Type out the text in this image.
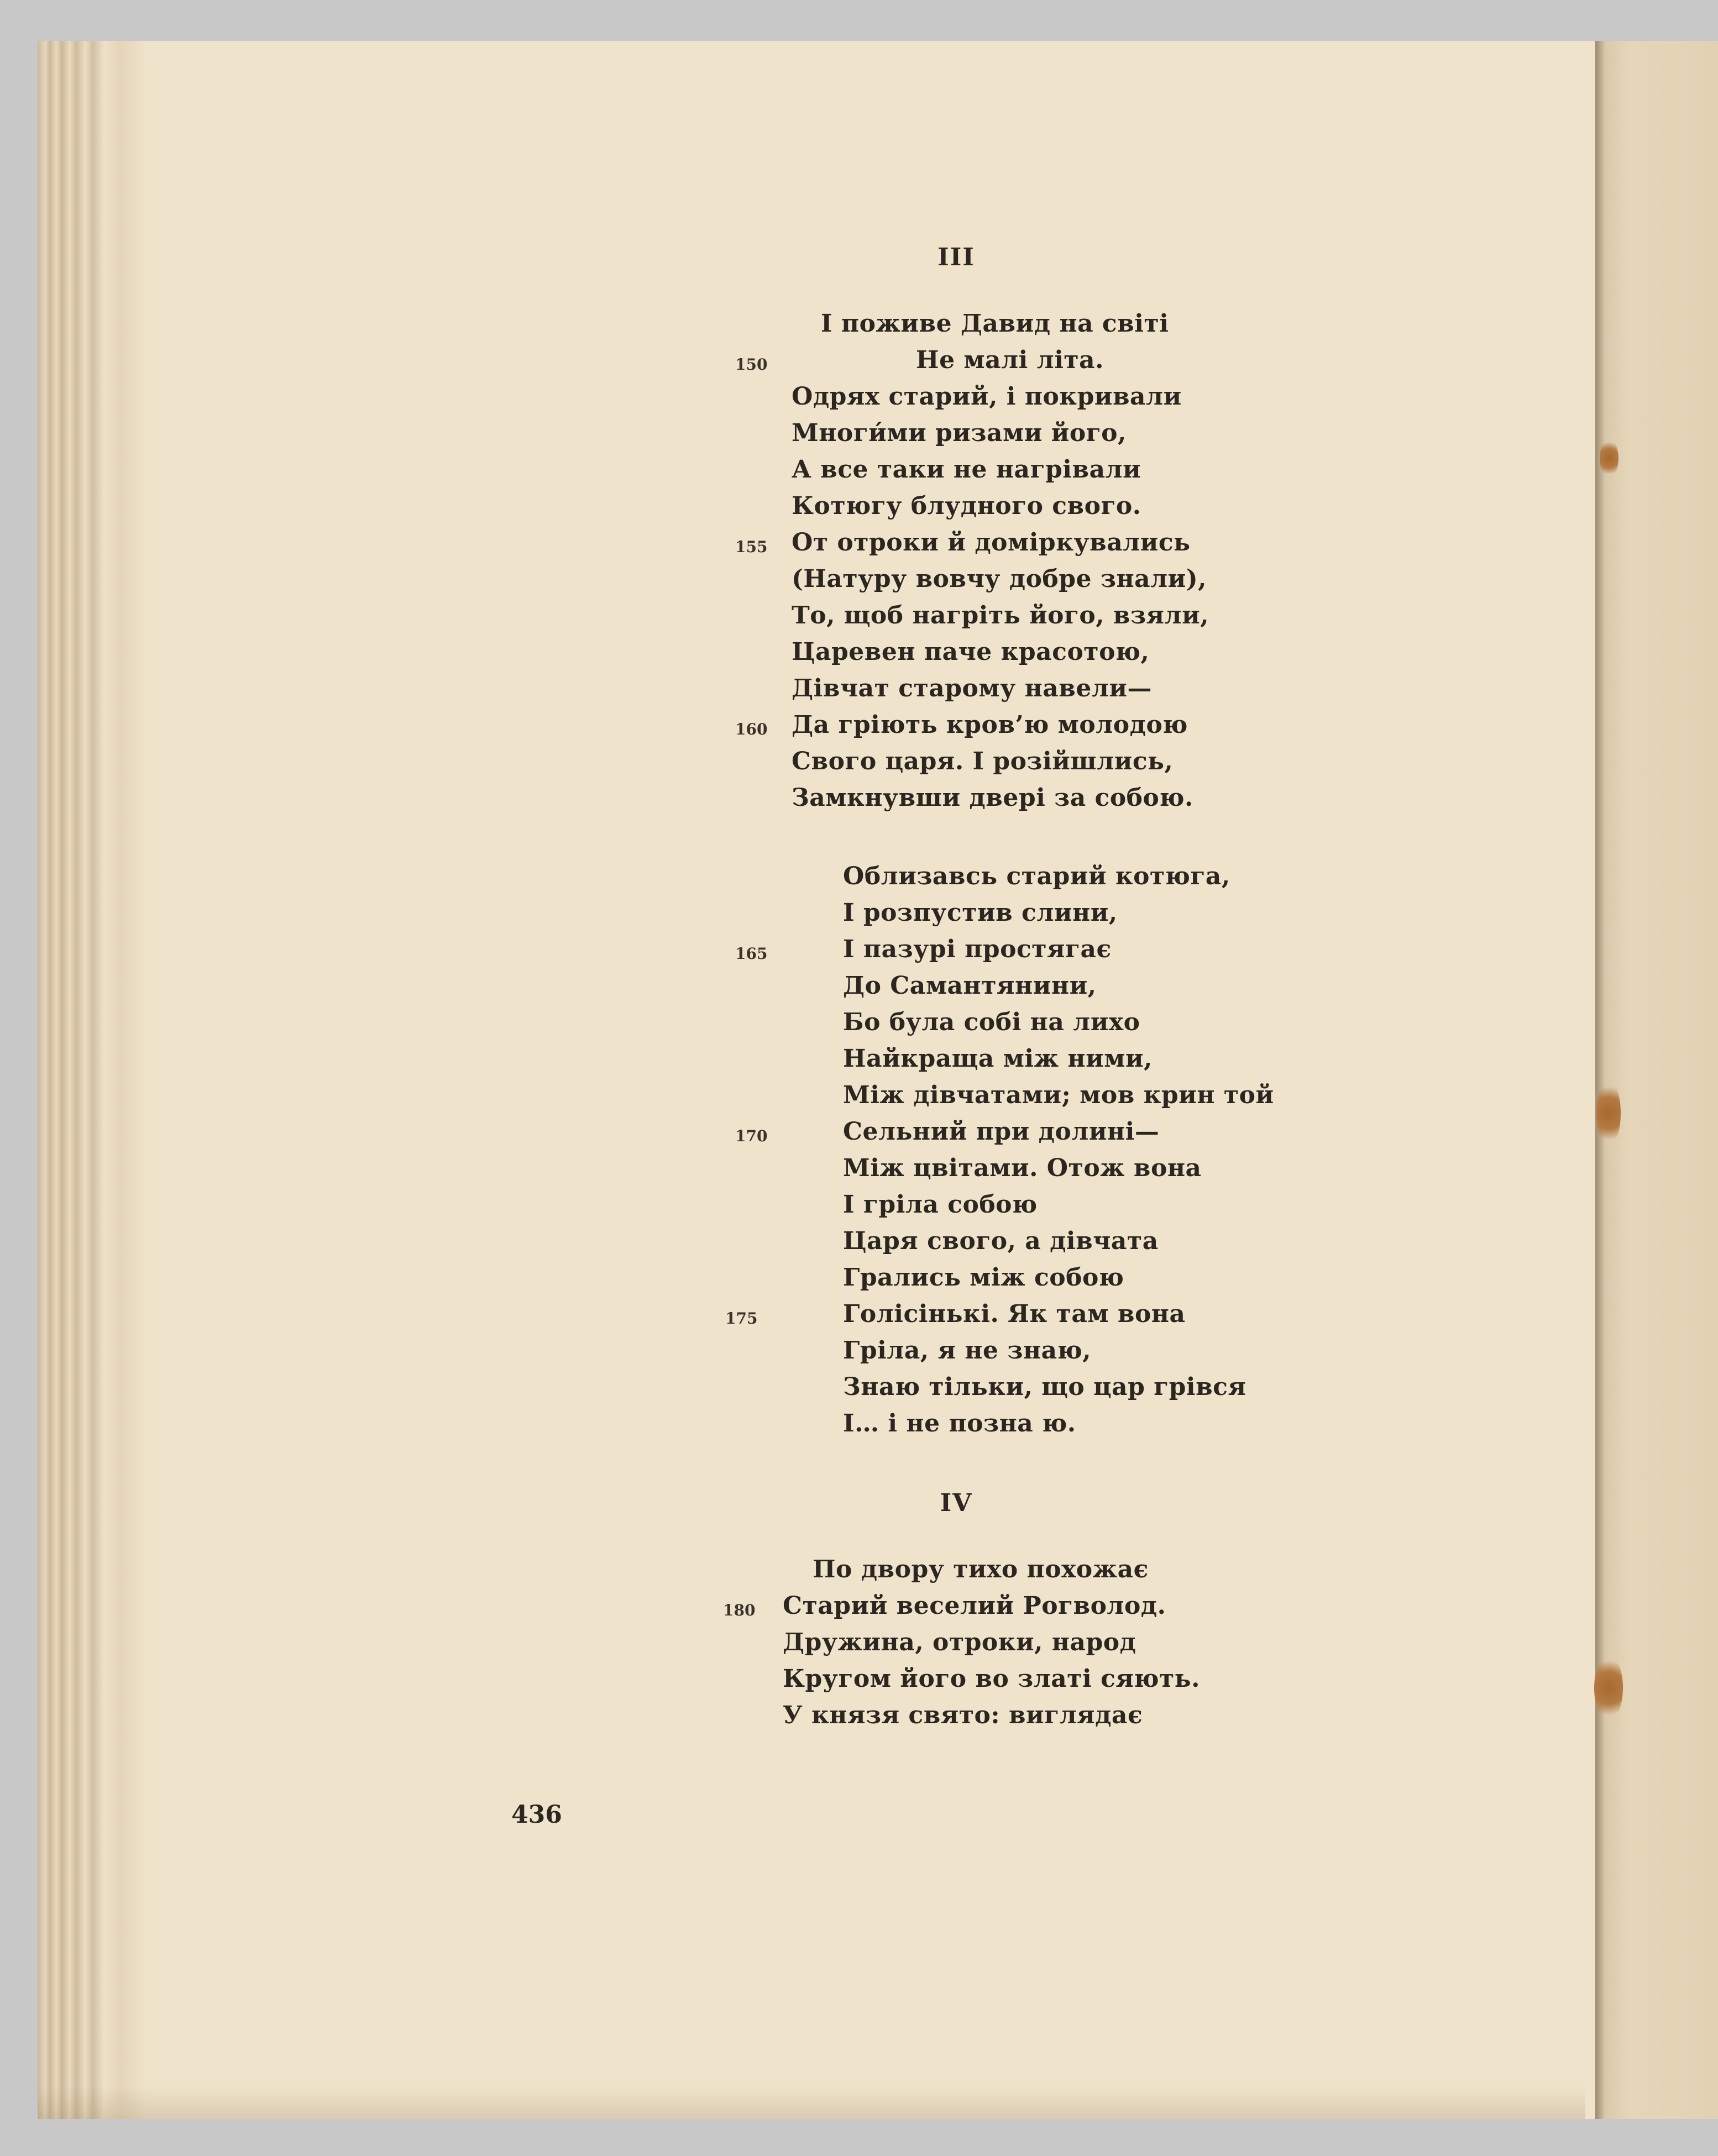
III
І поживе Давид на світі
150	Не малі літа.
Одрях старий, і покривали
Многи́ми ризами його,
А все таки не нагрівали
Котюгу блудного свого.
155 От отроки й доміркувались
(Натуру вовчу добре знали),
То, щоб нагріть його, взяли,
Царевен паче красотою,
Дівчат старому навели—
160 Да гріють кров’ю молодою
Свого царя. І розійшлись,
Замкнувши двері за собою.
Облизавсь старий котюга,
І розпустив слини,
165	І пазурі простягає
До Самантянини,
Бо була собі на лихо
Найкраща між ними,
Між дівчатами; мов крин той
170	Сельний при долині—
Між цвітами. Отож вона
І гріла собою
Царя свого, а дівчата
Грались між собою
175	Голісінькі. Як там вона
Гріла, я не знаю,
Знаю тільки, що цар грівся
І… і не позна ю.
IV
По двору тихо похожає
180 Старий веселий Рогволод.
Дружина, отроки, народ
Кругом його во златі сяють.
У князя свято: виглядає
436
